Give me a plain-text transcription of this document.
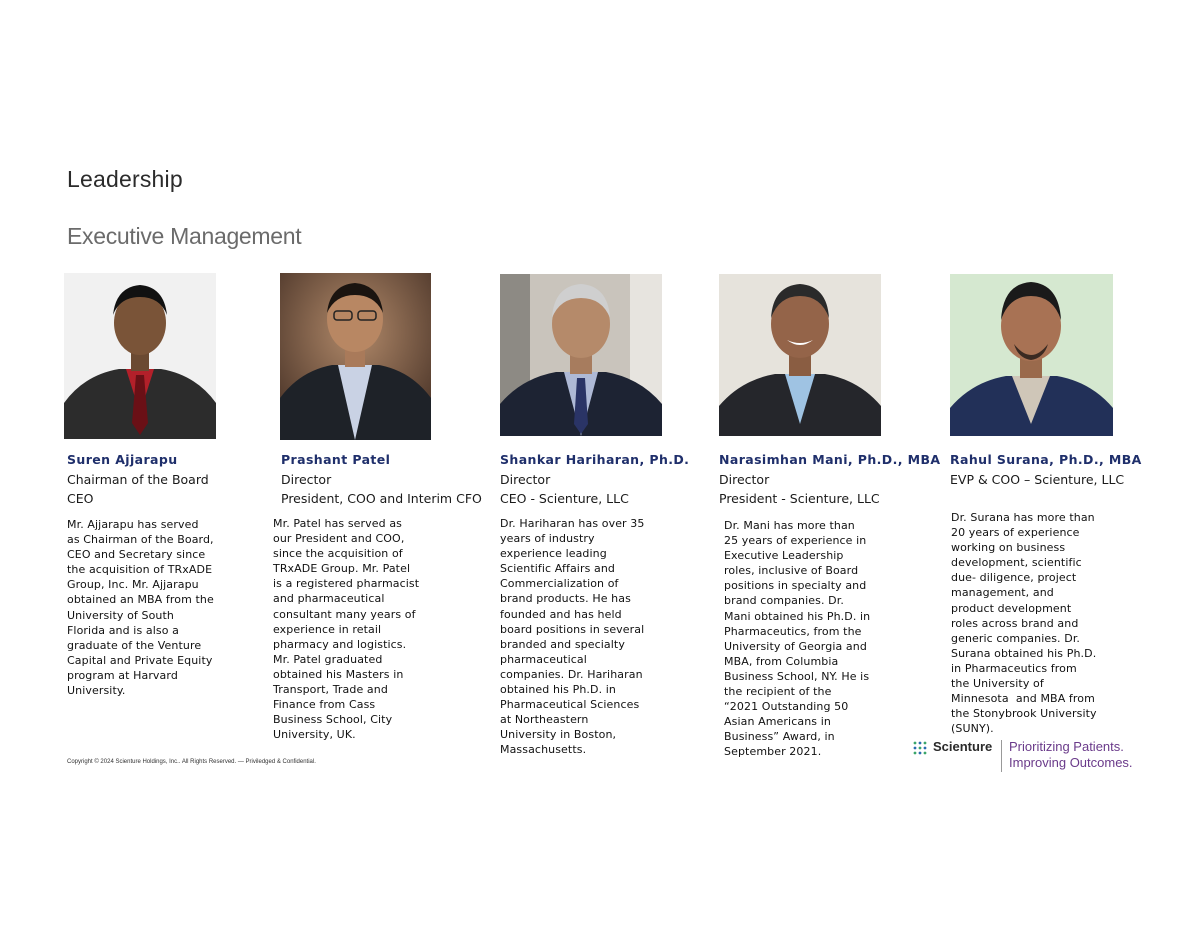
Leadership
Executive Management
Suren Ajjarapu
Chairman of the Board
CEO
Mr. Ajjarapu has served
as Chairman of the Board,
CEO and Secretary since
the acquisition of TRxADE
Group, Inc. Mr. Ajjarapu
obtained an MBA from the
University of South
Florida and is also a
graduate of the Venture
Capital and Private Equity
program at Harvard
University.
Prashant Patel
Director
President, COO and Interim CFO
Mr. Patel has served as
our President and COO,
since the acquisition of
TRxADE Group. Mr. Patel
is a registered pharmacist
and pharmaceutical
consultant many years of
experience in retail
pharmacy and logistics.
Mr. Patel graduated
obtained his Masters in
Transport, Trade and
Finance from Cass
Business School, City
University, UK.
Shankar Hariharan, Ph.D.
Director
CEO - Scienture, LLC
Dr. Hariharan has over 35
years of industry
experience leading
Scientific Affairs and
Commercialization of
brand products. He has
founded and has held
board positions in several
branded and specialty
pharmaceutical
companies. Dr. Hariharan
obtained his Ph.D. in
Pharmaceutical Sciences
at Northeastern
University in Boston,
Massachusetts.
Narasimhan Mani, Ph.D., MBA
Director
President - Scienture, LLC
Dr. Mani has more than
25 years of experience in
Executive Leadership
roles, inclusive of Board
positions in specialty and
brand companies. Dr.
Mani obtained his Ph.D. in
Pharmaceutics, from the
University of Georgia and
MBA, from Columbia
Business School, NY. He is
the recipient of the
“2021 Outstanding 50
Asian Americans in
Business” Award, in
September 2021.
Rahul Surana, Ph.D., MBA
EVP & COO – Scienture, LLC
Dr. Surana has more than
20 years of experience
working on business
development, scientific
due- diligence, project
management, and
product development
roles across brand and
generic companies. Dr.
Surana obtained his Ph.D.
in Pharmaceutics from
the University of
Minnesota  and MBA from
the Stonybrook University
(SUNY).
Copyright © 2024 Scienture Holdings, Inc.. All Rights Reserved. — Priviledged & Confidential.
Scienture Prioritizing Patients.
Improving Outcomes.
